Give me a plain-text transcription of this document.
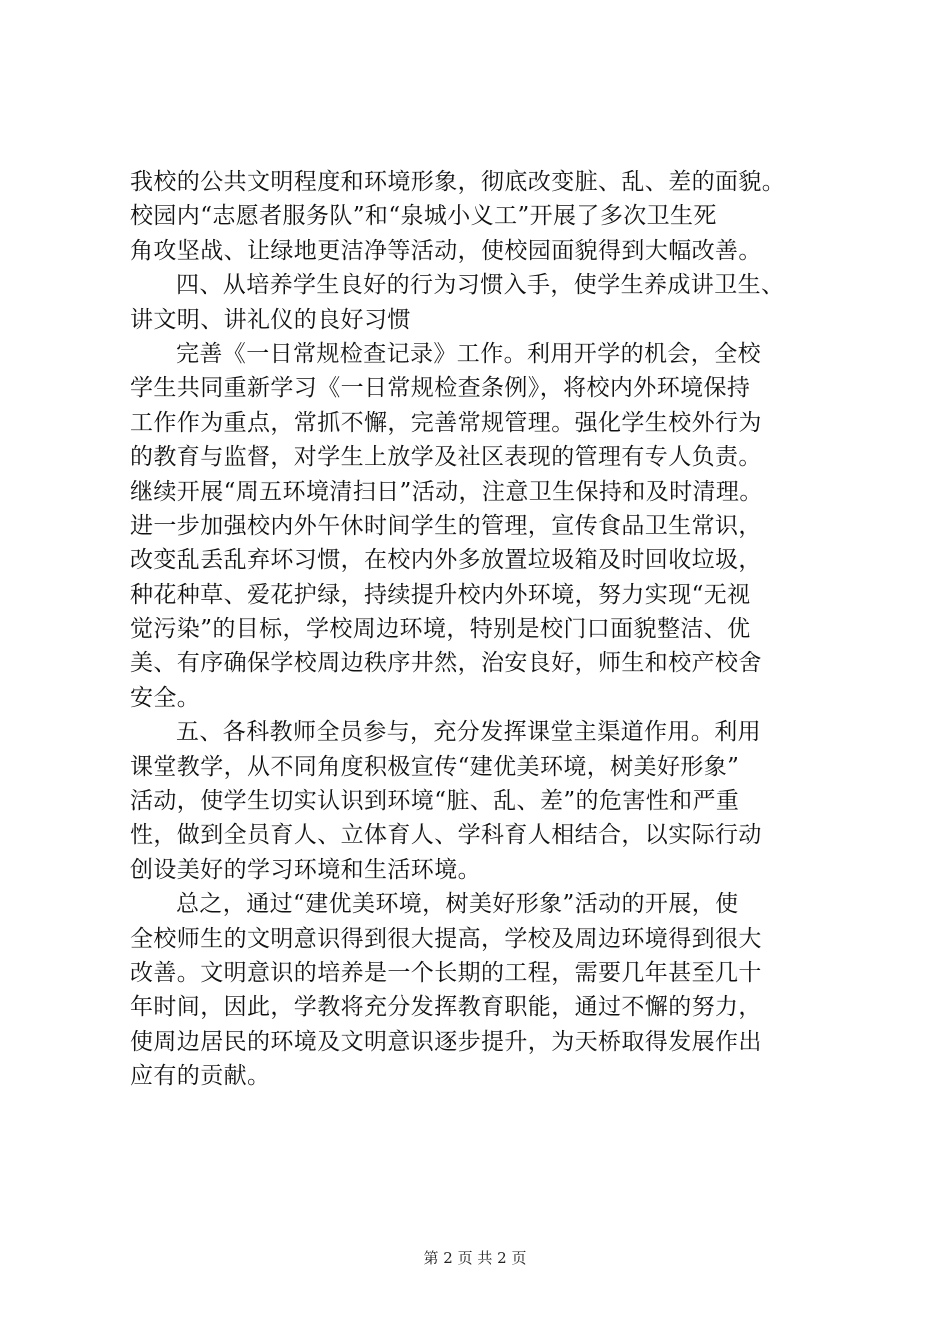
我校的公共文明程度和环境形象，彻底改变脏、乱、差的面貌。
校园内“志愿者服务队”和“泉城小义工”开展了多次卫生死
角攻坚战、让绿地更洁净等活动，使校园面貌得到大幅改善。
四、从培养学生良好的行为习惯入手，使学生养成讲卫生、
讲文明、讲礼仪的良好习惯
完善《一日常规检查记录》工作。利用开学的机会，全校
学生共同重新学习《一日常规检查条例》，将校内外环境保持
工作作为重点，常抓不懈，完善常规管理。强化学生校外行为
的教育与监督，对学生上放学及社区表现的管理有专人负责。
继续开展“周五环境清扫日”活动，注意卫生保持和及时清理。
进一步加强校内外午休时间学生的管理，宣传食品卫生常识，
改变乱丢乱弃坏习惯，在校内外多放置垃圾箱及时回收垃圾，
种花种草、爱花护绿，持续提升校内外环境，努力实现“无视
觉污染”的目标，学校周边环境，特别是校门口面貌整洁、优
美、有序确保学校周边秩序井然，治安良好，师生和校产校舍
安全。
五、各科教师全员参与，充分发挥课堂主渠道作用。利用
课堂教学，从不同角度积极宣传“建优美环境，树美好形象”
活动，使学生切实认识到环境“脏、乱、差”的危害性和严重
性，做到全员育人、立体育人、学科育人相结合，以实际行动
创设美好的学习环境和生活环境。
总之，通过“建优美环境，树美好形象”活动的开展，使
全校师生的文明意识得到很大提高，学校及周边环境得到很大
改善。文明意识的培养是一个长期的工程，需要几年甚至几十
年时间，因此，学教将充分发挥教育职能，通过不懈的努力，
使周边居民的环境及文明意识逐步提升，为天桥取得发展作出
应有的贡献。
第 2 页 共 2 页
